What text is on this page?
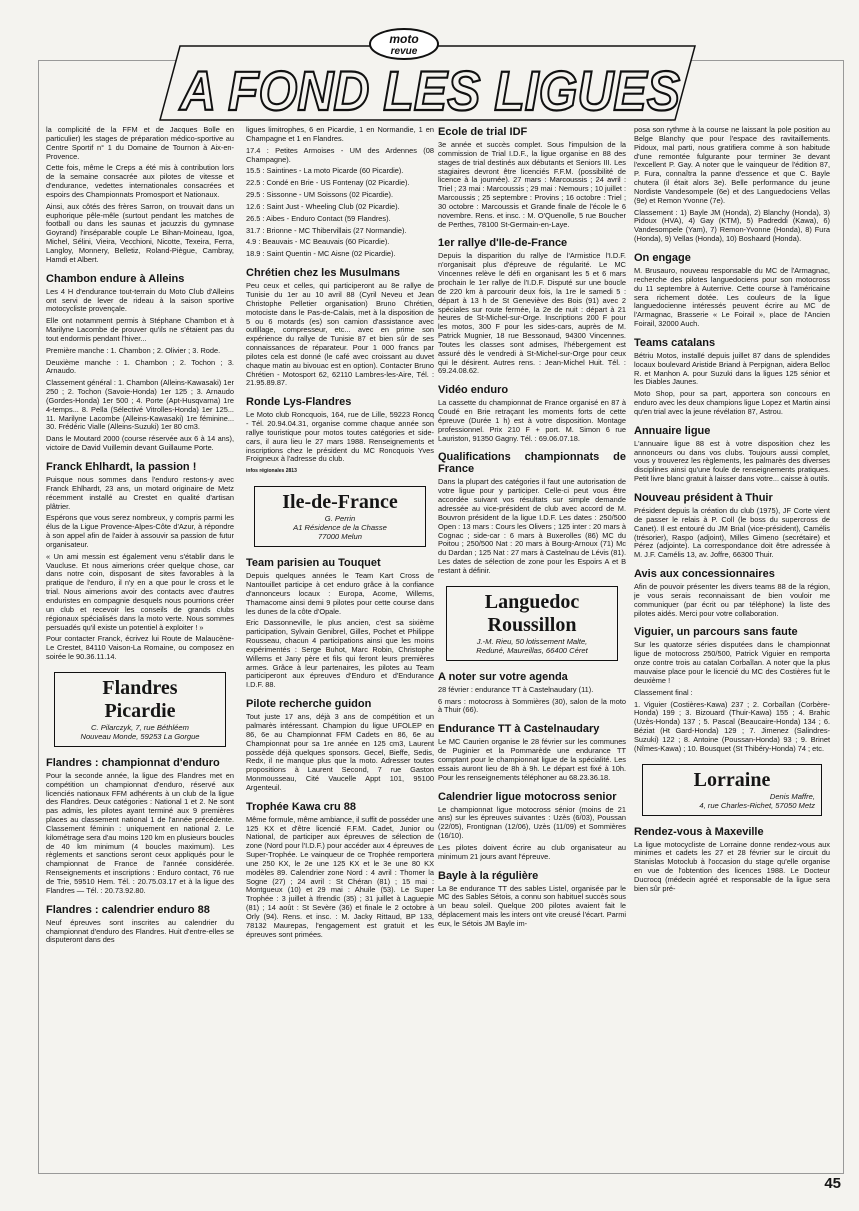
A FOND LES LIGUES
moto
revue

la complicité de la FFM et de Jacques Bolle en particulier) les stages de préparation médico-sportive au Centre Sportif n° 1 du Domaine de Tournon à Aix-en-Provence.

Cette fois, même le Creps a été mis à contribution lors de la semaine consacrée aux pilotes de vitesse et d'endurance, vedettes internationales consacrées et espoirs des Championnats Promosport et Nationaux.

Ainsi, aux côtés des frères Sarron, on trouvait dans un euphorique pêle-mêle (surtout pendant les matches de football ou dans les saunas et jacuzzis du gymnase Goyrand) l'inséparable couple Le Bihan-Moineau, Igoa, Michel, Sélini, Vieira, Vecchioni, Nicotte, Texeira, Ferra, Langloy, Monnery, Belletiz, Roland-Piègue, Cambray, Hamdi et Albert.

Chambon endure à Alleins

Les 4 H d'endurance tout-terrain du Moto Club d'Alleins ont servi de lever de rideau à la saison sportive motocycliste provençale.

Elle ont notamment permis à Stéphane Chambon et à Marilyne Lacombe de prouver qu'ils ne s'étaient pas du tout endormis pendant l'hiver...

Première manche : 1. Chambon ; 2. Olivier ; 3. Rode.

Deuxième manche : 1. Chambon ; 2. Tochon ; 3. Arnaudo.

Classement général : 1. Chambon (Alleins-Kawasaki) 1er 250 ; 2. Tochon (Savoie-Honda) 1er 125 ; 3. Arnaudo (Gordes-Honda) 1er 500 ; 4. Porte (Apt-Husqvarna) 1re 4-temps... 8. Pella (Sélectivé Vitrolles-Honda) 1er 125... 11. Marilyne Lacombe (Alleins-Kawasaki) 1re féminine... 30. Frédéric Vialle (Alleins-Suzuki) 1er 80 cm3.

Dans le Moutard 2000 (course réservée aux 6 à 14 ans), victoire de David Vuillemin devant Guillaume Porte.

Franck Ehlhardt, la passion !

Puisque nous sommes dans l'enduro restons-y avec Franck Ehlhardt, 23 ans, un motard originaire de Metz récemment installé au Crestet en qualité d'artisan plâtrier.

Espérons que vous serez nombreux, y compris parmi les élus de la Ligue Provence-Alpes-Côte d'Azur, à répondre à son appel afin de l'aider à assouvir sa passion de futur organisateur.

« Un ami messin est également venu s'établir dans le Vaucluse. Et nous aimerions créer quelque chose, car dans notre coin, disposant de sites favorables à la pratique de l'enduro, il n'y en a que pour le cross et le trial. Nous aimerions avoir des contacts avec d'autres enduristes en compagnie desquels nous pourrions créer un club et recevoir les conseils de grands clubs régionaux spécialisés dans la moto verte. Nous sommes persuadés qu'il existe un potentiel à exploiter ! »

Pour contacter Franck, écrivez lui Route de Malaucène-Le Crestet, 84110 Vaison-La Romaine, ou composez en soirée le 90.36.11.14.

Flandres
Picardie
C. Pilarczyk, 7, rue Béthléem
Nouveau Monde, 59253 La Gorgue
Flandres : championnat d'enduro

Pour la seconde année, la ligue des Flandres met en compétition un championnat d'enduro, réservé aux licenciés nationaux FFM adhérents à un club de la ligue des Flandres. Deux catégories : National 1 et 2. Ne sont pas admis, les pilotes ayant terminé aux 9 premières places au classement national 1 de l'année précédente. Classement féminin : uniquement en national 2. Le kilométrage sera d'au moins 120 km en plusieurs boucles de 40 km minimum (4 boucles maximum). Les règlements et sanctions seront ceux appliqués pour le championnat de France de l'année considérée. Renseignements et inscriptions : Enduro contact, 76 rue de Trie, 59510 Hem. Tél. : 20.75.03.17 et à la ligue des Flandres — Tél. : 20.73.92.80.

Flandres : calendrier enduro 88

Neuf épreuves sont inscrites au calendrier du championnat d'enduro des Flandres. Huit d'entre-elles se disputeront dans des

ligues limitrophes, 6 en Picardie, 1 en Normandie, 1 en Champagne et 1 en Flandres.

17.4 : Petites Armoises - UM des Ardennes (08 Champagne).

15.5 : Saintines - La moto Picarde (60 Picardie).

22.5 : Condé en Brie - US Fontenay (02 Picardie).

29.5 : Sissonne - UM Soissons (02 Picardie).

12.6 : Saint Just - Wheeling Club (02 Picardie).

26.5 : Aibes - Enduro Contact (59 Flandres).

31.7 : Brionne - MC Thibervillais (27 Normandie).

4.9 : Beauvais - MC Beauvais (60 Picardie).

18.9 : Saint Quentin - MC Aisne (02 Picardie).

Chrétien chez les Musulmans

Peu ceux et celles, qui participeront au 8e rallye de Tunisie du 1er au 10 avril 88 (Cyril Neveu et Jean Christophe Pelletier organisation) Bruno Chrétien, motociste dans le Pas-de-Calais, met à la disposition de 5 ou 6 motards (es) son camion d'assistance avec outillage, compresseur, etc... avec en prime son expérience du rallye de Tunisie 87 et bien sûr de ses connaissances de réparateur. Pour 1 000 francs par pilotes cela est donné (le café avec croissant au duvet chaque matin au bivouac est en option). Contacter Bruno Chrétien - Motosport 62, 62110 Lambres-les-Aire, Tél. : 21.95.89.87.

Ronde Lys-Flandres

Le Moto club Roncquois, 164, rue de Lille, 59223 Roncq - Tél. 20.94.04.31, organise comme chaque année son rallye touristique pour motos toutes catégories et side-cars, il aura lieu le 27 mars 1988. Renseignements et inscriptions chez le président du MC Roncquois Yves Froigneux à l'adresse du club.

infos régionales 2813
Ile-de-France
G. Perrin
A1 Résidence de la Chasse
77000 Melun
Team parisien au Touquet

Depuis quelques années le Team Kart Cross de Nantouillet participe à cet enduro grâce à la confiance d'annonceurs locaux : Europa, Acome, Willems, Thamacome ainsi demi 9 pilotes pour cette course dans les dunes de la côte d'Opale.

Eric Dassonneville, le plus ancien, c'est sa sixième participation, Sylvain Genibrel, Gilles, Pochet et Philippe Rousseau, chacun 4 participations ainsi que les moins expérimentés : Serge Buhot, Marc Robin, Christophe Willems et Jany père et fils qui feront leurs premières armes. Grâce à leur partenaires, les pilotes au Team participeront aux épreuves d'Enduro et d'Endurance I.D.F. 88.

Pilote recherche guidon

Tout juste 17 ans, déjà 3 ans de compétition et un palmarès intéressant. Champion du ligue UFOLEP en 86, 6e au Championnat FFM Cadets en 86, 6e au Championnat pour sa 1re année en 125 cm3, Laurent possède déjà quelques sponsors. Gecel, Bieffe, Sedis, Redx, il ne manque plus que la moto. Adresser toutes propositions à Laurent Second, 7 rue Gaston Monmousseau, Cité Vaucelle Appt 101, 95100 Argenteuil.

Trophée Kawa cru 88

Même formule, même ambiance, il suffit de posséder une 125 KX et d'être licencié F.F.M. Cadet, Junior ou National, de participer aux épreuves de sélection de zone (Nord pour l'I.D.F.) pour accéder aux 4 épreuves de Super-Trophée. Le vainqueur de ce Trophée remportera une 250 KX, le 2e une 125 KX et le 3e une 80 KX modèles 89. Calendrier zone Nord : 4 avril : Thomer la Sogne (27) ; 24 avril : St Chéran (81) ; 15 mai : Montgueux (10) et 29 mai : Ahuile (53). Le Super Trophée : 3 juillet à Ifrendic (35) ; 31 juillet à Laguepie (81) ; 14 août : St Sevère (36) et finale le 2 octobre à Orly (94). Rens. et insc. : M. Jacky Rittaud, BP 133, 78132 Maurepas, l'engagement est gratuit et les épreuves sont primées.

Ecole de trial IDF

3e année et succès complet. Sous l'impulsion de la commission de Trial I.D.F., la ligue organise en 88 des stages de trial destinés aux débutants et Seniors III. Les stagiaires devront être licenciés F.F.M. (possibilité de licence à la journée). 27 mars : Marcoussis ; 24 avril : Triel ; 23 mai : Marcoussis ; 29 mai : Nemours ; 10 juillet : Marcoussis ; 25 septembre : Provins ; 16 octobre : Triel ; 30 octobre : Marcoussis et Grande finale de l'école le 6 novembre. Rens. et insc. : M. O'Quenolle, 5 rue Boucher de Perthes, 78100 St-Germain-en-Laye.

1er rallye d'Ile-de-France

Depuis la disparition du rallye de l'Armistice l'I.D.F. n'organisait plus d'épreuve de régularité. Le MC Vincennes relève le défi en organisant les 5 et 6 mars prochain le 1er rallye de l'I.D.F. Disputé sur une boucle de 220 km à parcourir deux fois, la 1re le samedi 5 : départ à 13 h de St Geneviève des Bois (91) avec 2 spéciales sur route fermée, la 2e de nuit : départ à 21 heures de St-Michel-sur-Orge. Inscriptions 200 F pour les motos, 300 F pour les sides-cars, auprès de M. Patrick Mugnier, 18 rue Bessonaud, 94300 Vincennes. Toutes les classes sont admises, l'hébergement est assuré dès le vendredi à St-Michel-sur-Orge pour ceux qui le désirent. Autres rens. : Jean-Michel Huit. Tél. : 69.24.08.62.

Vidéo enduro

La cassette du championnat de France organisé en 87 à Coudé en Brie retraçant les moments forts de cette épreuve (Durée 1 h) est à votre disposition. Montage professionnel. Prix 210 F + port. M. Simon 6 rue Lauriston, 91350 Gagny. Tél. : 69.06.07.18.

Qualifications championnats de France

Dans la plupart des catégories il faut une autorisation de votre ligue pour y participer. Celle-ci peut vous être accordée suivant vos résultats sur simple demande adressée au vice-président de club avec accord de M. Bouvron président de la ligue I.D.F. Les dates : 250/500 Open : 13 mars : Cours les Olivers ; 125 inter : 20 mars à Cognac ; side-car : 6 mars à Buxerolles (86) MC du Poitou ; 250/500 Nat : 20 mars à Bourg-Arnoux (71) Mc du Dardan ; 125 Nat : 27 mars à Castelnau de Lévis (81). Les dates de sélection de zone pour les Espoirs A et B restant à définir.

Languedoc
Roussillon
J.-M. Rieu, 50 lotissement Malte,
Reduné, Maureillas, 66400 Céret
A noter sur votre agenda

28 février : endurance TT à Castelnaudary (11).

6 mars : motocross à Sommières (30), salon de la moto à Thuir (66).

Endurance TT à Castelnaudary

Le MC Caurien organise le 28 février sur les communes de Puginier et la Pommarède une endurance TT comptant pour le championnat ligue de la spécialité. Les essais auront lieu de 8h à 9h. Le départ est fixé à 10h. Pour les renseignements téléphoner au 68.23.36.18.

Calendrier ligue motocross senior

Le championnat ligue motocross sénior (moins de 21 ans) sur les épreuves suivantes : Uzès (6/03), Poussan (22/05), Frontignan (12/06), Uzès (11/09) et Sommières (16/10).

Les pilotes doivent écrire au club organisateur au minimum 21 jours avant l'épreuve.

Bayle à la régulière

La 8e endurance TT des sables Listel, organisée par le MC des Sables Sétois, a connu son habituel succès sous un beau soleil. Quelque 200 pilotes avaient fait le déplacement mais les inters ont vite creusé l'écart. Parmi eux, le Sétois JM Bayle im-

posa son rythme à la course ne laissant la pole position au Belge Blanchy que pour l'espace des ravitaillements. Pidoux, mal parti, nous gratifiera comme à son habitude d'une remontée fulgurante pour terminer 3e devant l'excellent P. Gay. A noter que le vainqueur de l'édition 87, P. Fura, connaîtra la panne d'essence et que C. Bayle chutera (il était alors 3e). Belle performance du jeune Nordiste Vandesompele (6e) et des Languedociens Vellas (9e) et Remon Yvonne (7e).

Classement : 1) Bayle JM (Honda), 2) Blanchy (Honda), 3) Pidoux (HVA), 4) Gay (KTM), 5) Padreddi (Kawa), 6) Vandesompele (Yam), 7) Remon-Yvonne (Honda), 8) Fura (Honda), 9) Vellas (Honda), 10) Boshaard (Honda).

On engage

M. Brusauro, nouveau responsable du MC de l'Armagnac, recherche des pilotes languedociens pour son motocross du 11 septembre à Auterrive. Cette course à l'américaine sera richement dotée. Les couleurs de la ligue languedocienne intéressés peuvent écrire au MC de l'Armagnac, Brasserie « Le Foirail », place de l'Ancien Foirail, 32000 Auch.

Teams catalans

Bétriu Motos, installé depuis juillet 87 dans de splendides locaux boulevard Aristide Briand à Perpignan, aidera Belloc R. et Manhon A. pour Suzuki dans la ligues 125 sénior et les Diables Jaunes.

Moto Shop, pour sa part, apportera son concours en enduro avec les deux champions ligue Lopez et Martin ainsi qu'en trial avec la jeune révélation 87, Astrou.

Annuaire ligue

L'annuaire ligue 88 est à votre disposition chez les annonceurs ou dans vos clubs. Toujours aussi complet, vous y trouverez les règlements, les palmarès des diverses disciplines ainsi qu'une foule de renseignements pratiques. Petit livre blanc gratuit à laisser dans votre... caisse à outils.

Nouveau président à Thuir

Président depuis la création du club (1975), JF Corte vient de passer le relais à P. Coll (le boss du supercross de Canet). Il est entouré du JM Brial (vice-président), Camélis (trésorier), Raspo (adjoint), Milles Gimeno (secrétaire) et Pérez (adjointe). La correspondance doit être adressée à M. J.F. Camélis 13, av. Joffre, 66300 Thuir.

Avis aux concessionnaires

Afin de pouvoir présenter les divers teams 88 de la région, je vous serais reconnaissant de bien vouloir me communiquer (par écrit ou par téléphone) la liste des pilotes aidés. Merci pour votre collaboration.

Viguier, un parcours sans faute

Sur les quatorze séries disputées dans le championnat ligue de motocross 250/500, Patrick Viguier en remporta onze contre trois au catalan Corbaîlan. A noter que la plus mauvaise place pour le licencié du MC des Costières fut le deuxième !

Classement final :

1. Viguier (Costières-Kawa) 237 ; 2. Corbaîlan (Corbère-Honda) 199 ; 3. Bizouard (Thuir-Kawa) 155 ; 4. Brahic (Uzès-Honda) 137 ; 5. Pascal (Beaucaire-Honda) 134 ; 6. Béziat (Ht Gard-Honda) 129 ; 7. Jimenez (Salindres-Suzuki) 122 ; 8. Antoine (Poussan-Honda) 93 ; 9. Brinet (Nîmes-Kawa) ; 10. Bousquet (St Thibéry-Honda) 74 ; etc.

Lorraine
Denis Maffre,
4, rue Charles-Richet, 57050 Metz
Rendez-vous à Maxeville

La ligue motocycliste de Lorraine donne rendez-vous aux minimes et cadets les 27 et 28 février sur le circuit du Stanislas Motoclub à l'occasion du stage qu'elle organise en vue de l'obtention des licences 1988. Le Docteur Ducrocq (médecin agréé et responsable de la ligue sera bien sûr pré-

45
